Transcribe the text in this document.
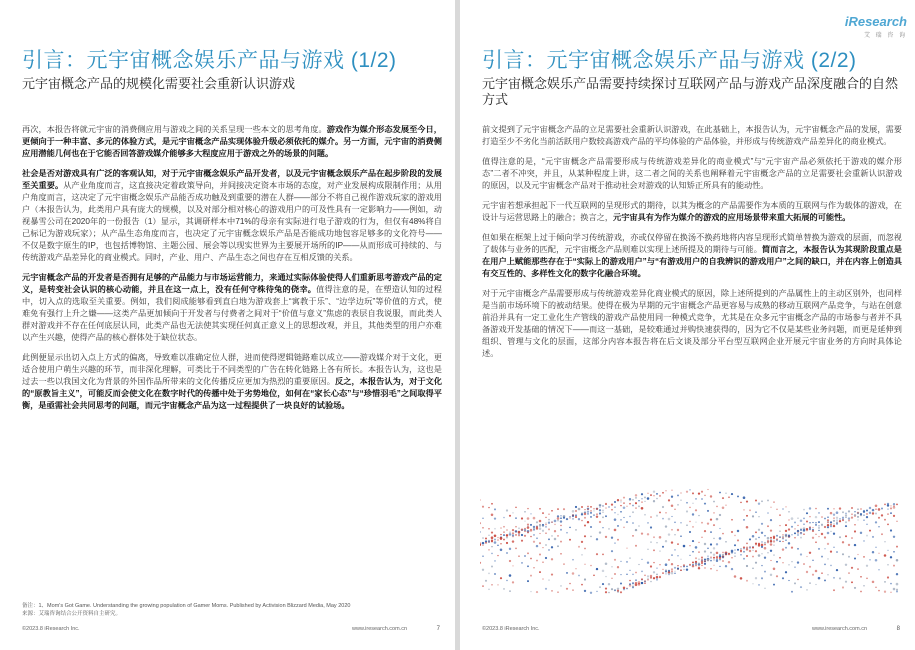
引言：元宇宙概念娱乐产品与游戏 (1/2)
元宇宙概念产品的规模化需要社会重新认识游戏

再次，本报告将就元宇宙的消费侧应用与游戏之间的关系呈现一些本文的思考角度。游戏作为媒介形态发展至今日，更倾向于一种丰富、多元的体验方式，是元宇宙概念产品实现体验升级必须依托的媒介。另一方面，元宇宙的消费侧应用潜能几何也在于它能否回答游戏媒介能够多大程度应用于游戏之外的场景的问题。

社会是否对游戏具有广泛的客观认知，对于元宇宙概念娱乐产品开发者，以及元宇宙概念娱乐产品在起步阶段的发展至关重要。从产业角度而言，这直接决定着政策导向，并间接决定资本市场的态度，对产业发展构成限制作用；从用户角度而言，这决定了元宇宙概念娱乐产品能否成功触及到重要的潜在人群——部分不将自己视作游戏玩家的游戏用户（本报告认为，此类用户具有庞大的规模，以及对部分相对核心的游戏用户的可及性具有一定影响力——例如，动视暴雪公司在2020年的一份报告（1）显示，其调研样本中71%的母亲有实际进行电子游戏的行为，但仅有48%将自己标记为游戏玩家）；从产品生态角度而言，也决定了元宇宙概念娱乐产品是否能成功地包容足够多的文化符号——不仅是数字原生的IP，也包括博物馆、主题公园、展会等以现实世界为主要展开场所的IP——从而形成可持续的、与传统游戏产品差异化的商业模式。同时，产业、用户、产品生态之间也存在互相反馈的关系。

元宇宙概念产品的开发者是否拥有足够的产品能力与市场运营能力，来通过实际体验使得人们重新思考游戏产品的定义，是转变社会认识的核心动能，并且在这一点上，没有任何守株待兔的侥幸。值得注意的是，在塑造认知的过程中，切入点的选取至关重要。例如，我们阅成能够看到直白地为游戏套上“寓教于乐”、“边学边玩”等价值的方式，使难免有强行上升之嫌——这类产品更加倾向于开发者与付费者之间对于“价值与意义”焦虑的表层自我说服，而此类人群对游戏并不存在任何底层认同，此类产品也无法使其实现任何真正意义上的思想改观，并且，其他类型的用户亦难以产生兴趣，使得产品的核心群体处于缺位状态。

此例便显示出切入点上方式的偏离，导致难以准确定位人群，进而使得逻辑链路难以成立——游戏媒介对于文化，更适合使用户萌生兴趣的环节，而非深化理解，可类比于不同类型的广告在转化链路上各有所长。本报告认为，这也是过去一些以我国文化为背景的外国作品所带来的文化传播反应更加为热烈的重要原因。反之，本报告认为，对于文化的“原教旨主义”，可能反而会使文化在数字时代的传播中处于劣势地位，如何在“家长心态”与“珍惜羽毛”之间取得平衡，是亟需社会共同思考的问题，而元宇宙概念产品为这一过程提供了一块良好的试验场。

备注：1、Mom's Got Game. Understanding the growing population of Gamer Moms. Published by Activision Blizzard Media, May 2020
来源：艾瑞咨询结合公开资料自主研究。
©2023.8 iResearch Inc.	www.iresearch.com.cn	7
iResearch
艾 瑞 咨 询
引言：元宇宙概念娱乐产品与游戏 (2/2)
元宇宙概念娱乐产品需要持续探讨互联网产品与游戏产品深度融合的自然方式

前文提到了元宇宙概念产品的立足需要社会重新认识游戏，在此基础上，本报告认为，元宇宙概念产品的发展，需要打造至少不劣化当前活跃用户数较高游戏产品的平均体验的产品体验，并形成与传统游戏产品差异化的商业模式。

值得注意的是，“元宇宙概念产品需要形成与传统游戏差异化的商业模式”与“元宇宙产品必须依托于游戏的媒介形态”二者不冲突，并且，从某种程度上讲，这二者之间的关系也阐释着元宇宙概念产品的立足需要社会重新认识游戏的原因，以及元宇宙概念产品对于推动社会对游戏的认知矫正所具有的能动性。

元宇宙若想承担起下一代互联网的呈现形式的期待，以其为概念的产品需要作为本质的互联网与作为载体的游戏，在设计与运营思路上的融合；换言之，元宇宙具有为作为媒介的游戏的应用场景带来重大拓展的可能性。

但如果在框架上过于倾向学习传统游戏，亦或仅停留在换汤不换药地将内容呈现形式简单替换为游戏的层面，而忽视了载体与业务的匹配，元宇宙概念产品则难以实现上述所提及的期待与可能。简而言之，本报告认为其现阶段重点是在用户上赋能那些存在于“实际上的游戏用户”与“有游戏用户的自我辨识的游戏用户”之间的缺口，并在内容上创造具有交互性的、多样性文化的数字化融合环境。

对于元宇宙概念产品需要形成与传统游戏差异化商业模式的原因，除上述所提到的产品属性上的主动区别外，也同样是当前市场环境下的被动结果。使得在极为早期的元宇宙概念产品更容易与成熟的移动互联网产品竞争，与站在创意前沿并具有一定工业化生产管线的游戏产品使用同一种模式竞争，尤其是在众多元宇宙概念产品的市场参与者并不具备游戏开发基础的情况下——而这一基础，是较难通过并购快速获得的，因为它不仅是某些业务问题，而更是延伸到组织、管理与文化的层面，这部分内容本报告将在后文谈及部分平台型互联网企业开展元宇宙业务的方向时具体论述。

©2023.8 iResearch Inc.	www.iresearch.com.cn	8
